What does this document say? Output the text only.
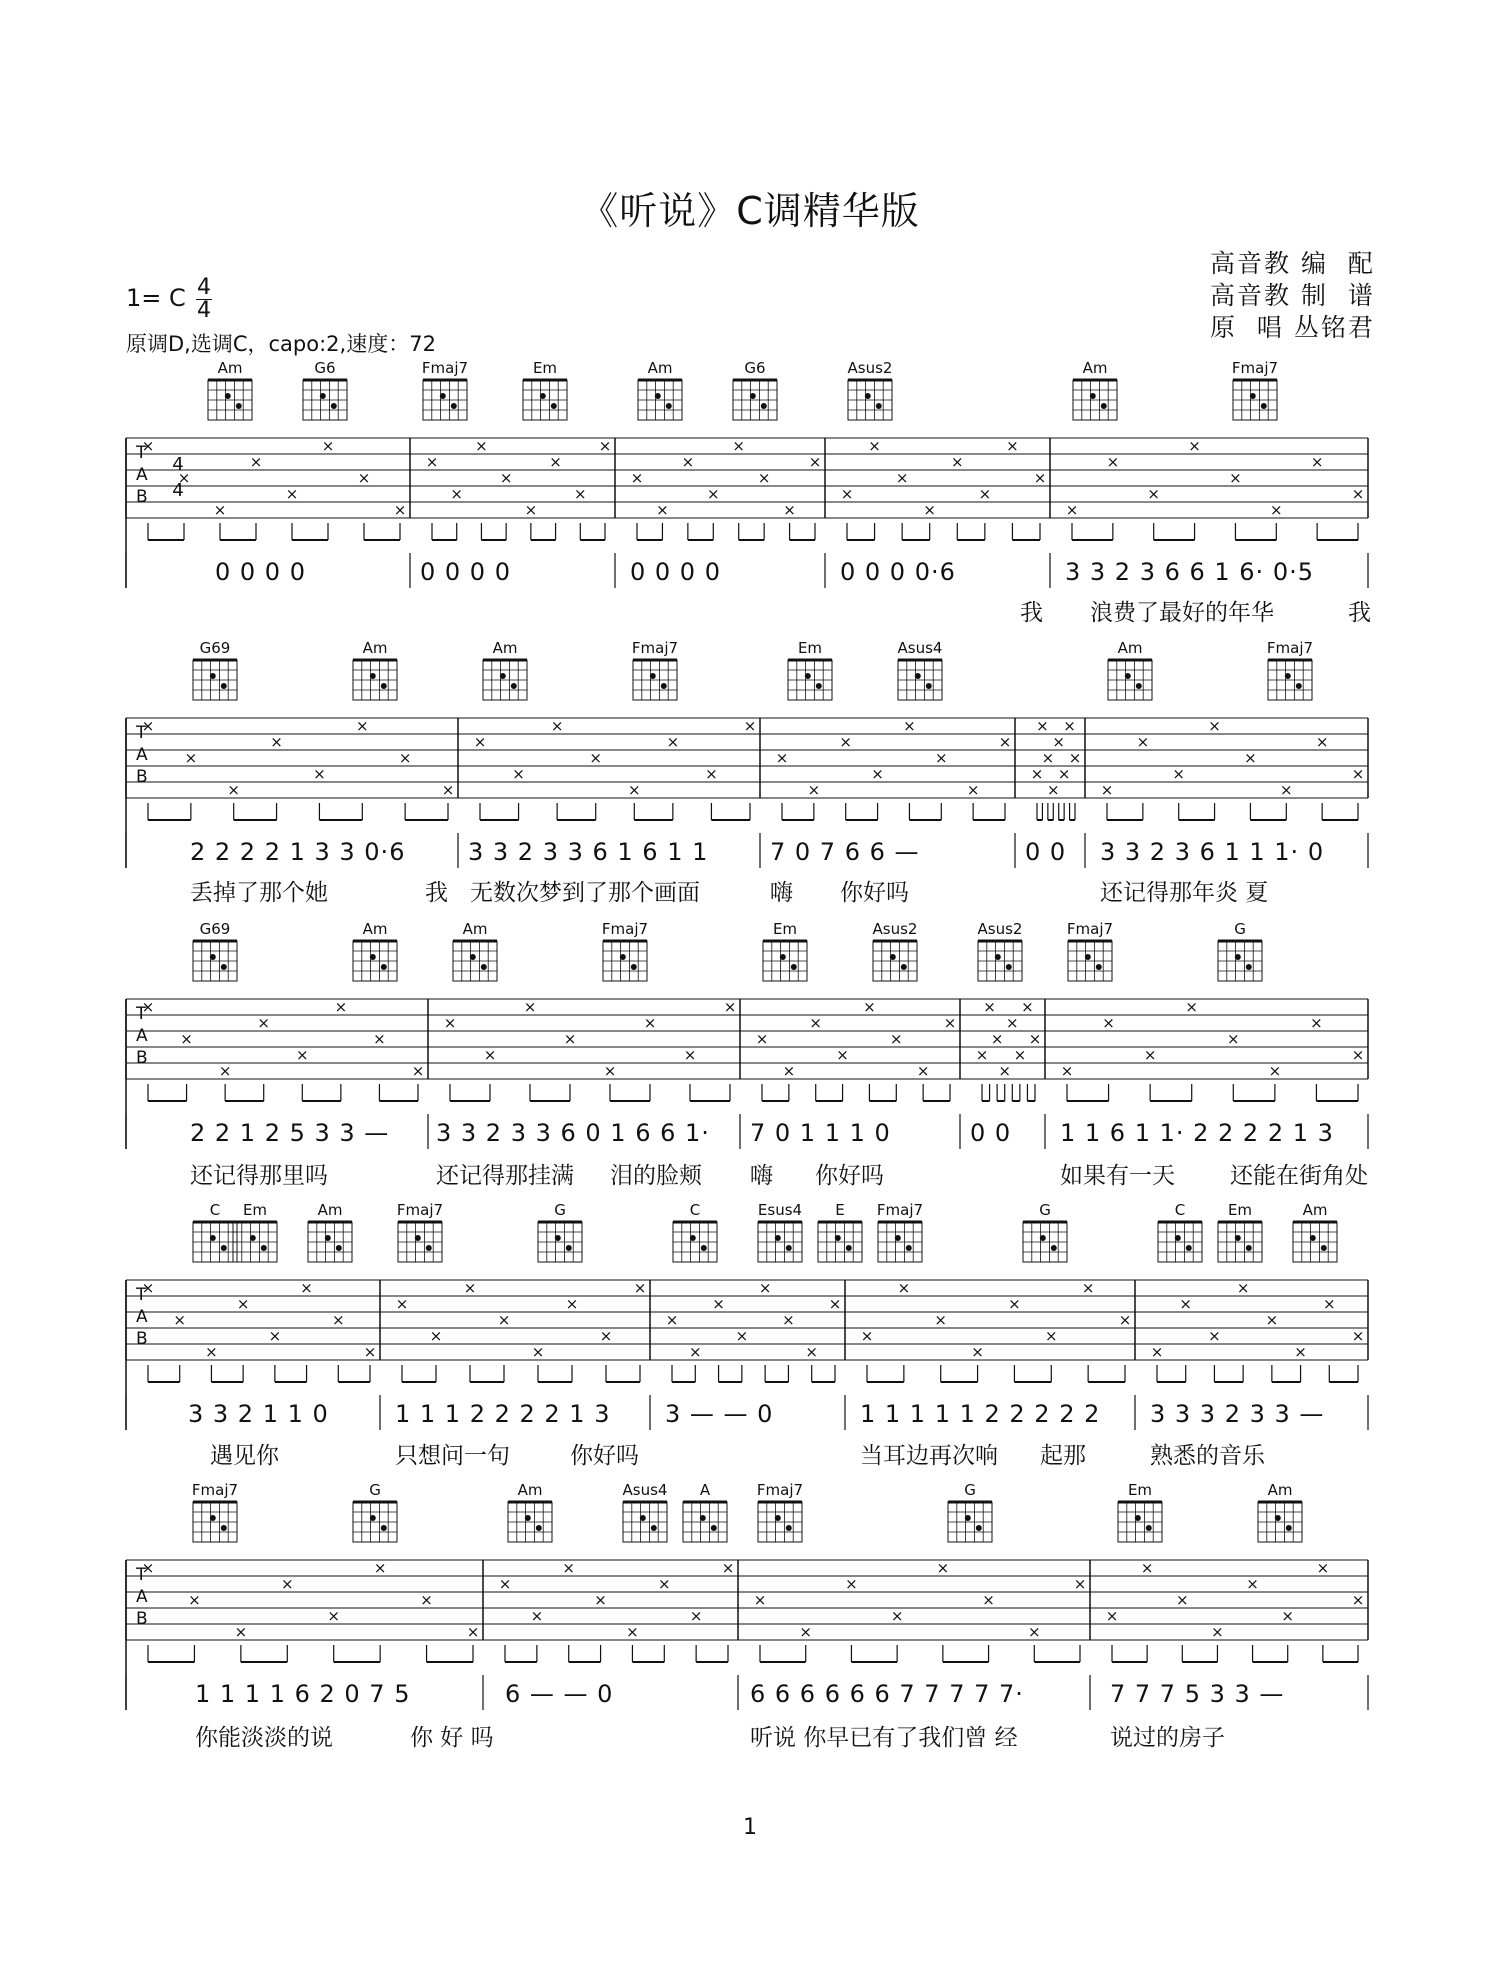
《听说》C调精华版
高音教 编  配
高音教 制  谱
原  唱 丛铭君
1= C 4
4
原调D,选调C，capo:2,速度：72
Am	G6	Fmaj7	Em	Am	G6	Asus2	Am	Fmaj7
T
A
B
4
4
×
×
×
×
×
×
×
×
×
×
×
×
×
×
×
×
×
×
×
×
×
×
×
×
×
×
×
×
×
×
×
×
×
×
×
×
×
×
×
×
0 0 0 0	0 0 0 0	0 0 0 0	0 0 0 0·6	3 3 2 3 6 6 1 6· 0·5
我 浪费了最好的年华	我
G69	Am	Am	Fmaj7	Em	Asus4	Am	Fmaj7
T
A
B
×
×
×
×
×
×
×
×
×
×
×
×
×
×
×
×
×
×
×
×
×
×
×
×
×
×
×
×
×
×
×
×
×
×
×
×
×
×
×
×
2 2 2 2 1 3 3 0·6	3 3 2 3 3 6 1 6 1 1	7 0 7 6 6 —	0 0 3 3 2 3 6 1 1 1· 0
丢掉了那个她	我 无数次梦到了那个画面	嗨 你好吗	还记得那年炎 夏
G69	Am	Am	Fmaj7	Em	Asus2	Asus2	Fmaj7	G
T
A
B
×
×
×
×
×
×
×
×
×
×
×
×
×
×
×
×
×
×
×
×
×
×
×
×
×
×
×
×
×
×
×
×
×
×
×
×
×
×
×
×
2 2 1 2 5 3 3 — 3 3 2 3 3 6 0 1 6 6 1· 7 0 1 1 1 0	0 0 1 1 6 1 1· 2 2 2 2 1 3
还记得那里吗	还记得那挂满 泪的脸颊 嗨 你好吗	如果有一天 还能在街角处
C Em	Am	Fmaj7	G	C	Esus4 E Fmaj7	G	C	Em	Am
T
A
B
×
×
×
×
×
×
×
×
×
×
×
×
×
×
×
×
×
×
×
×
×
×
×
×
×
×
×
×
×
×
×
×
×
×
×
×
×
×
×
×
3 3 2 1 1 0	1 1 1 2 2 2 2 1 3 3 — — 0	1 1 1 1 1 2 2 2 2 2 3 3 3 2 3 3 —
遇见你	只想问一句	你好吗	当耳边再次响 起那	熟悉的音乐
Fmaj7	G	Am	Asus4 A	Fmaj7	G	Em	Am
T
A
B
×
×
×
×
×
×
×
×
×
×
×
×
×
×
×
×
×
×
×
×
×
×
×
×
×
×
×
×
×
×
×
×
1 1 1 1 6 2 0 7 5	6 — — 0	6 6 6 6 6 6 7 7 7 7 7·	7 7 7 5 3 3 —
你能淡淡的说	你 好 吗	听说 你早已有了我们曾 经	说过的房子
1
